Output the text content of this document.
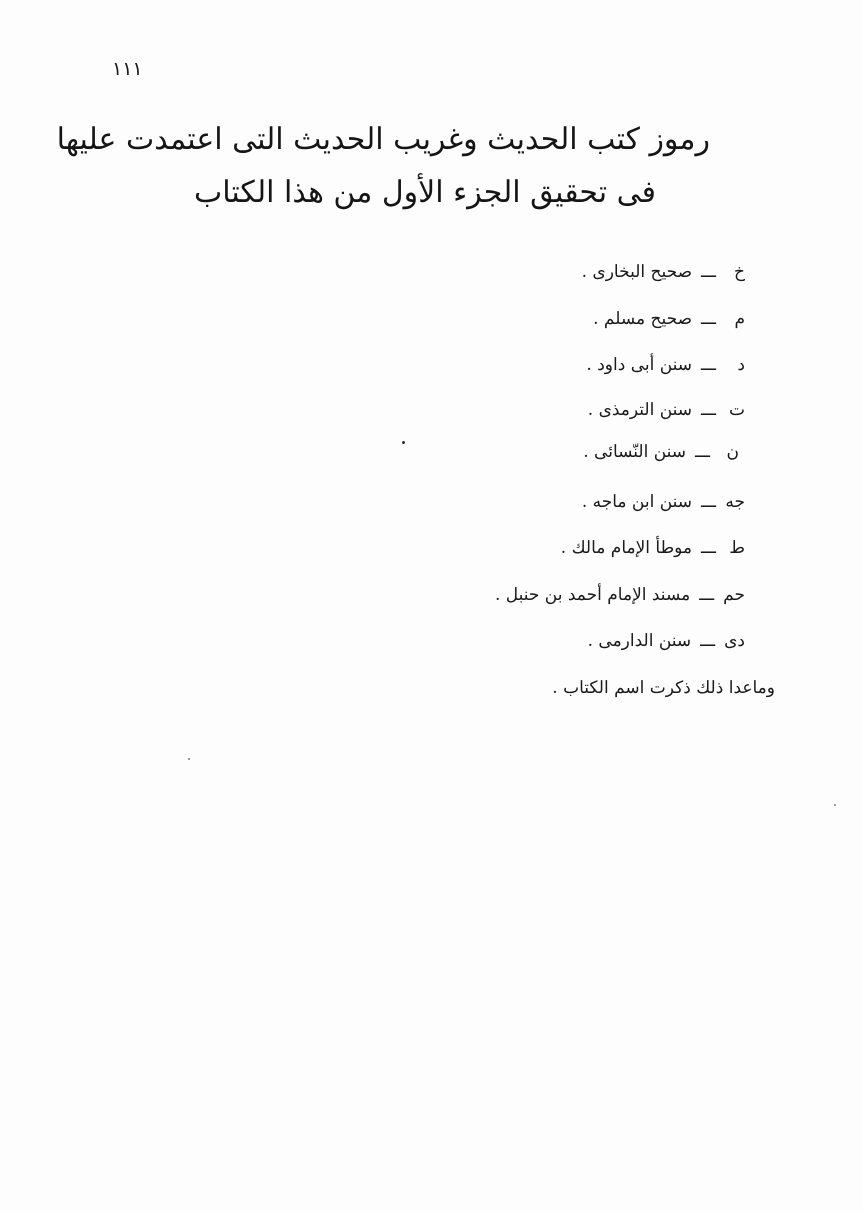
١١١
رموز كتب الحديث وغريب الحديث التى اعتمدت عليها
فى تحقيق الجزء الأول من هذا الكتاب
خ
ـــ
صحيح البخارى .
م
ـــ
صحيح مسلم .
د
ـــ
سنن أبى داود .
ت
ـــ
سنن الترمذى .
ن
ـــ
سنن النّسائى .
جه
ـــ
سنن ابن ماجه .
ط
ـــ
موطأ الإمام مالك .
حم
ـــ
مسند الإمام أحمد بن حنبل .
دى
ـــ
سنن الدارمى .
وماعدا ذلك ذكرت اسم الكتاب .
